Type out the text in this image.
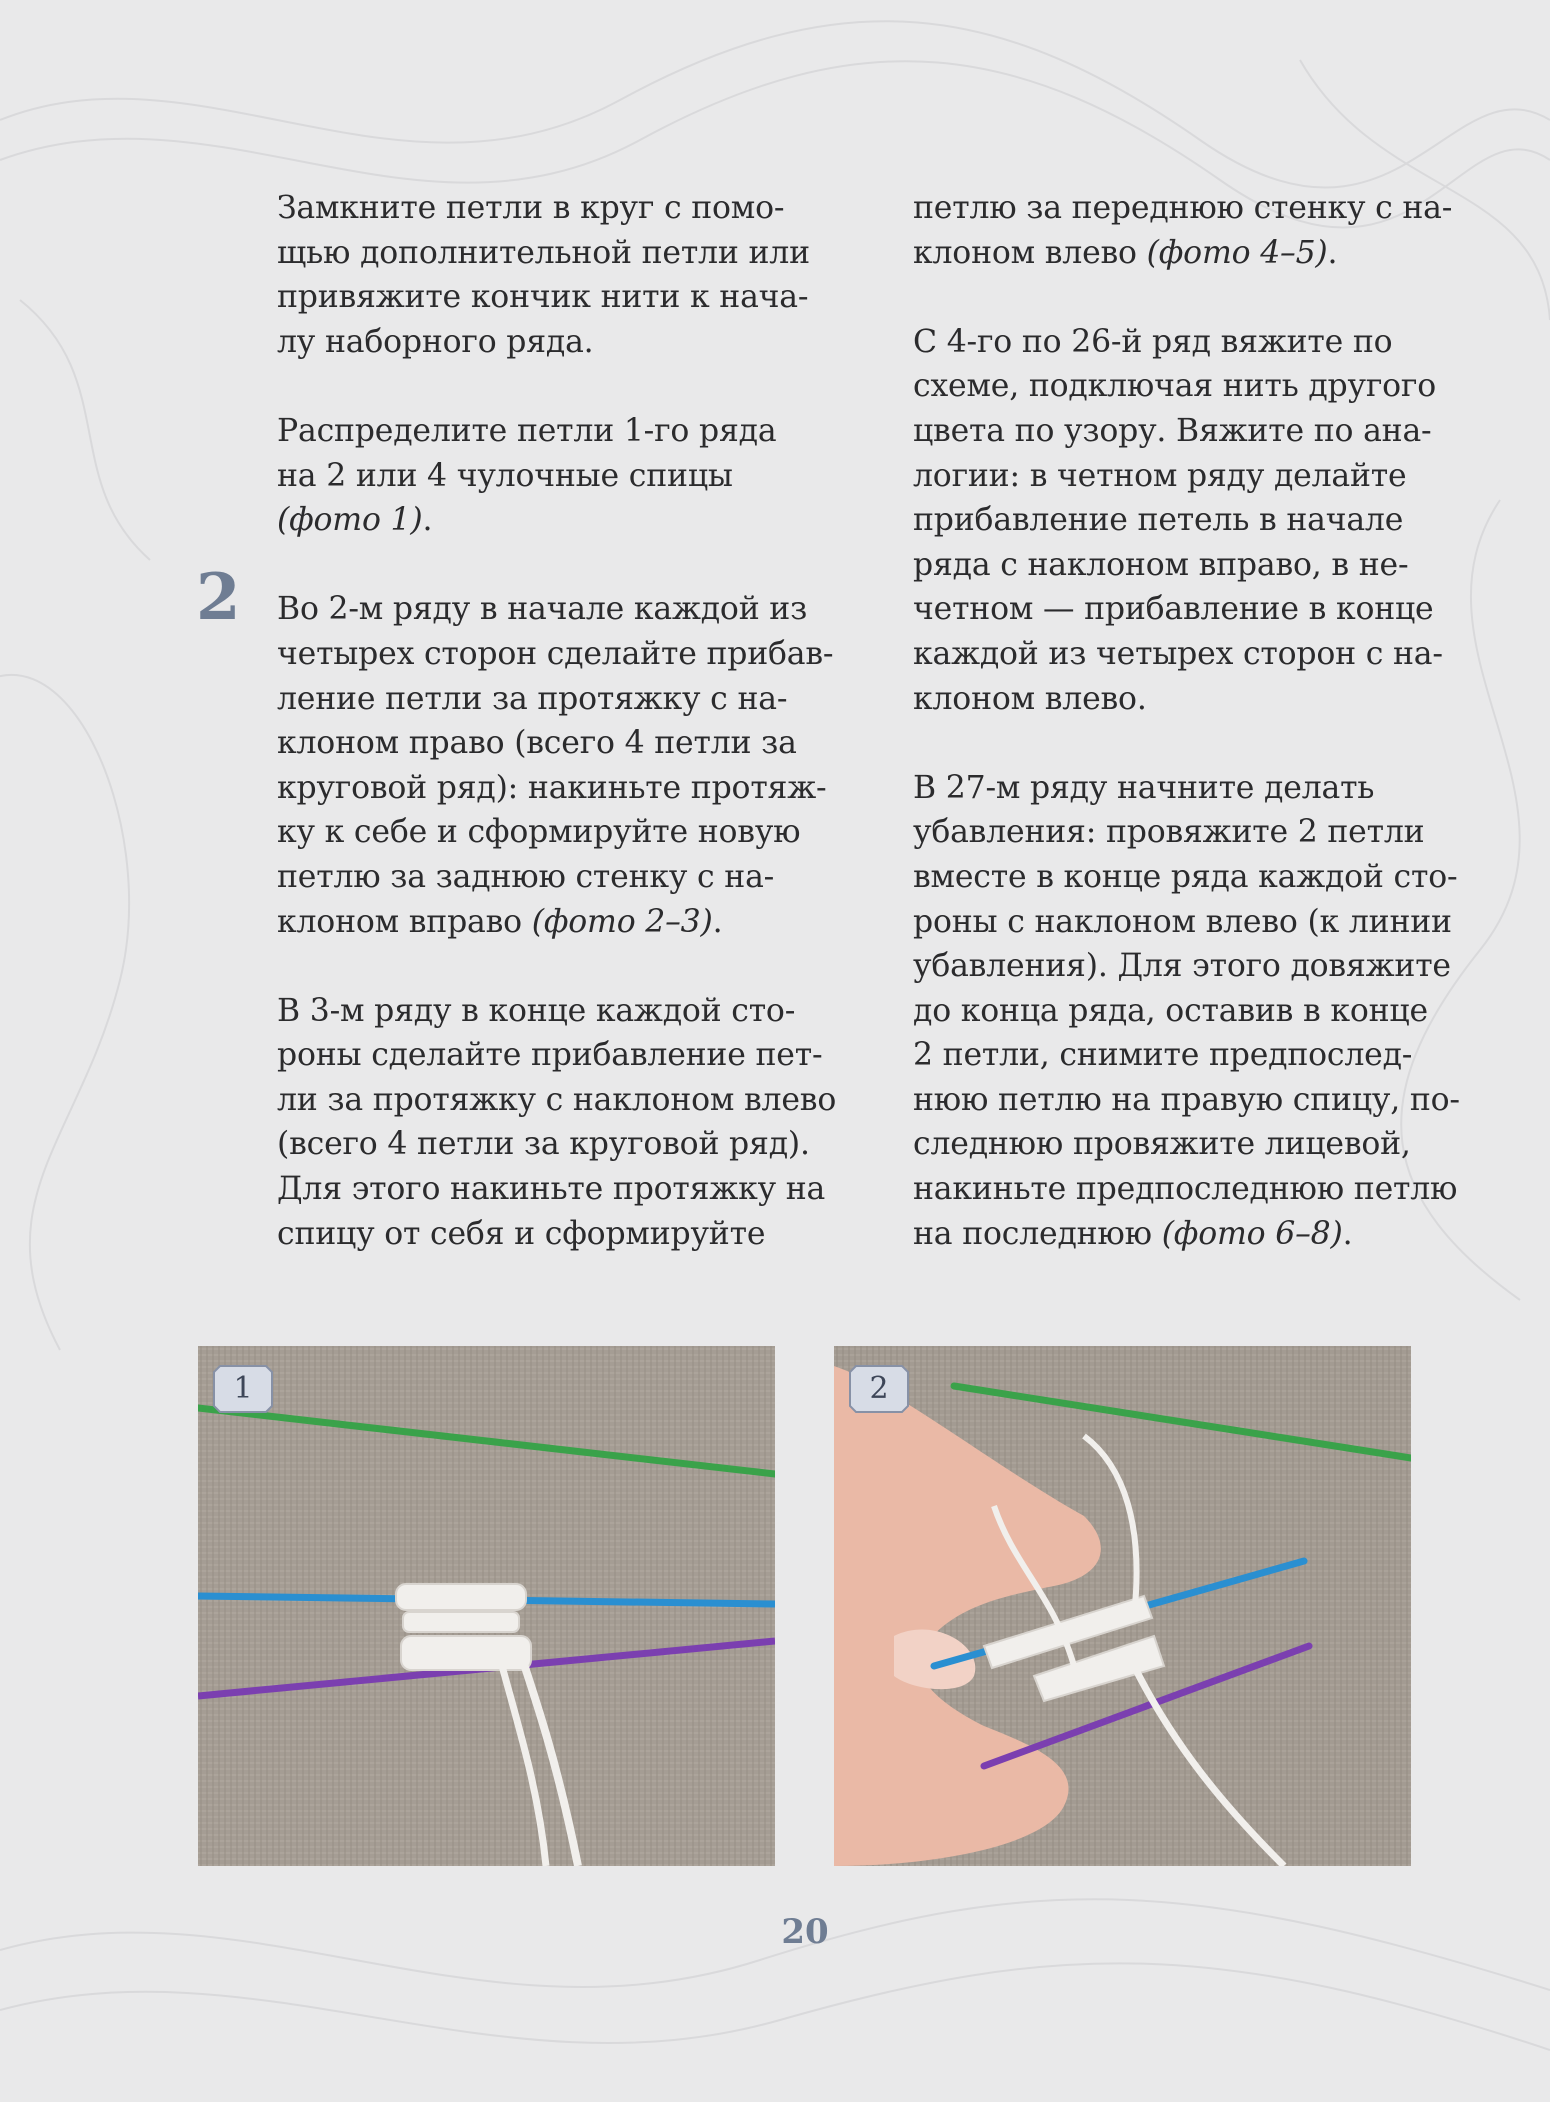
2

Замкните петли в круг с помо-
щью дополнительной петли или
привяжите кончик нити к нача-
лу наборного ряда.

Распределите петли 1-го ряда
на 2 или 4 чулочные спицы
(фото 1).

Во 2-м ряду в начале каждой из
четырех сторон сделайте прибав-
ление петли за протяжку с на-
клоном право (всего 4 петли за
круговой ряд): накиньте протяж-
ку к себе и сформируйте новую
петлю за заднюю стенку с на-
клоном вправо (фото 2–3).

В 3-м ряду в конце каждой сто-
роны сделайте прибавление пет-
ли за протяжку с наклоном влево
(всего 4 петли за круговой ряд).
Для этого накиньте протяжку на
спицу от себя и сформируйте

петлю за переднюю стенку с на-
клоном влево (фото 4–5).

С 4-го по 26-й ряд вяжите по
схеме, подключая нить другого
цвета по узору. Вяжите по ана-
логии: в четном ряду делайте
прибавление петель в начале
ряда с наклоном вправо, в не-
четном — прибавление в конце
каждой из четырех сторон с на-
клоном влево.

В 27-м ряду начните делать
убавления: провяжите 2 петли
вместе в конце ряда каждой сто-
роны с наклоном влево (к линии
убавления). Для этого довяжите
до конца ряда, оставив в конце
2 петли, снимите предпослед-
нюю петлю на правую спицу, по-
следнюю провяжите лицевой,
накиньте предпоследнюю петлю
на последнюю (фото 6–8).

1	2
20
